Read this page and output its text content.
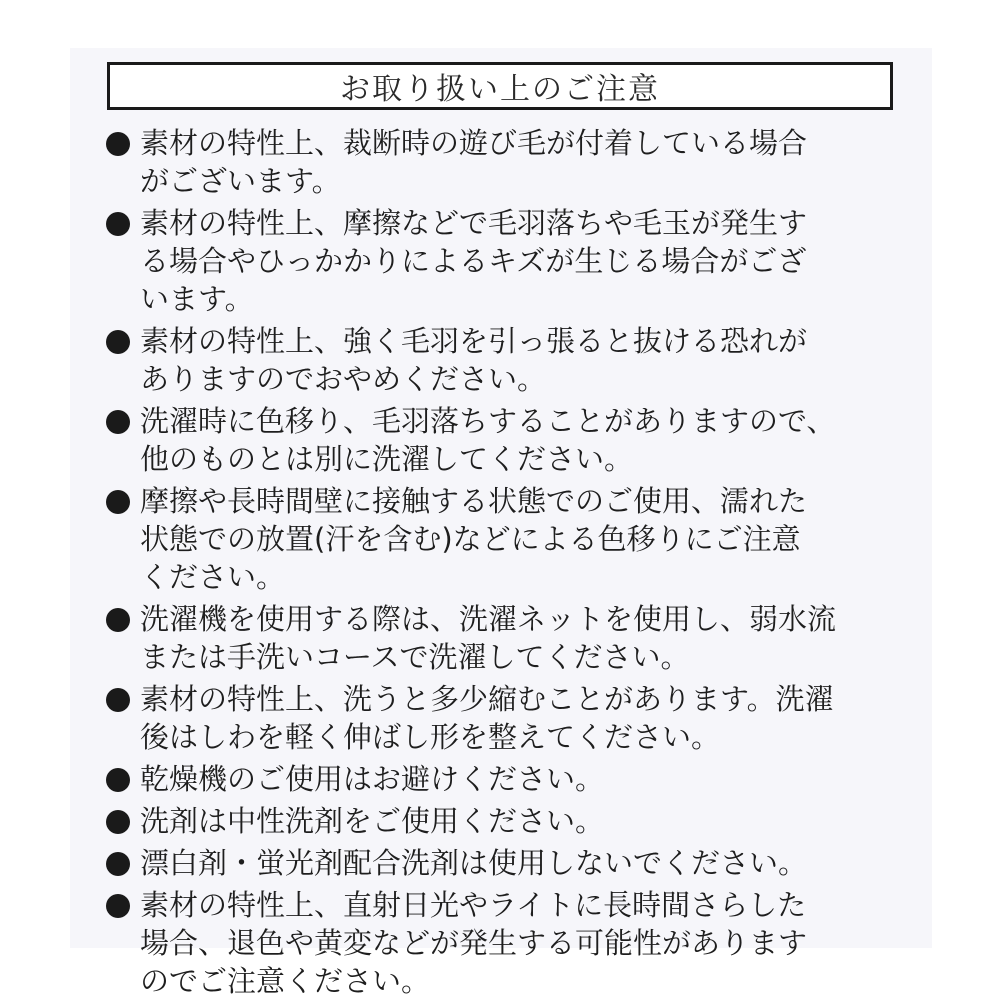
お取り扱い上のご注意
素材の特性上、裁断時の遊び毛が付着している場合
がございます。
素材の特性上、摩擦などで毛羽落ちや毛玉が発生す
る場合やひっかかりによるキズが生じる場合がござ
います。
素材の特性上、強く毛羽を引っ張ると抜ける恐れが
ありますのでおやめください。
洗濯時に色移り、毛羽落ちすることがありますので、
他のものとは別に洗濯してください。
摩擦や長時間壁に接触する状態でのご使用、濡れた
状態での放置(汗を含む)などによる色移りにご注意
ください。
洗濯機を使用する際は、洗濯ネットを使用し、弱水流
または手洗いコースで洗濯してください。
素材の特性上、洗うと多少縮むことがあります。洗濯
後はしわを軽く伸ばし形を整えてください。
乾燥機のご使用はお避けください。
洗剤は中性洗剤をご使用ください。
漂白剤・蛍光剤配合洗剤は使用しないでください。
素材の特性上、直射日光やライトに長時間さらした
場合、退色や黄変などが発生する可能性があります
のでご注意ください。
